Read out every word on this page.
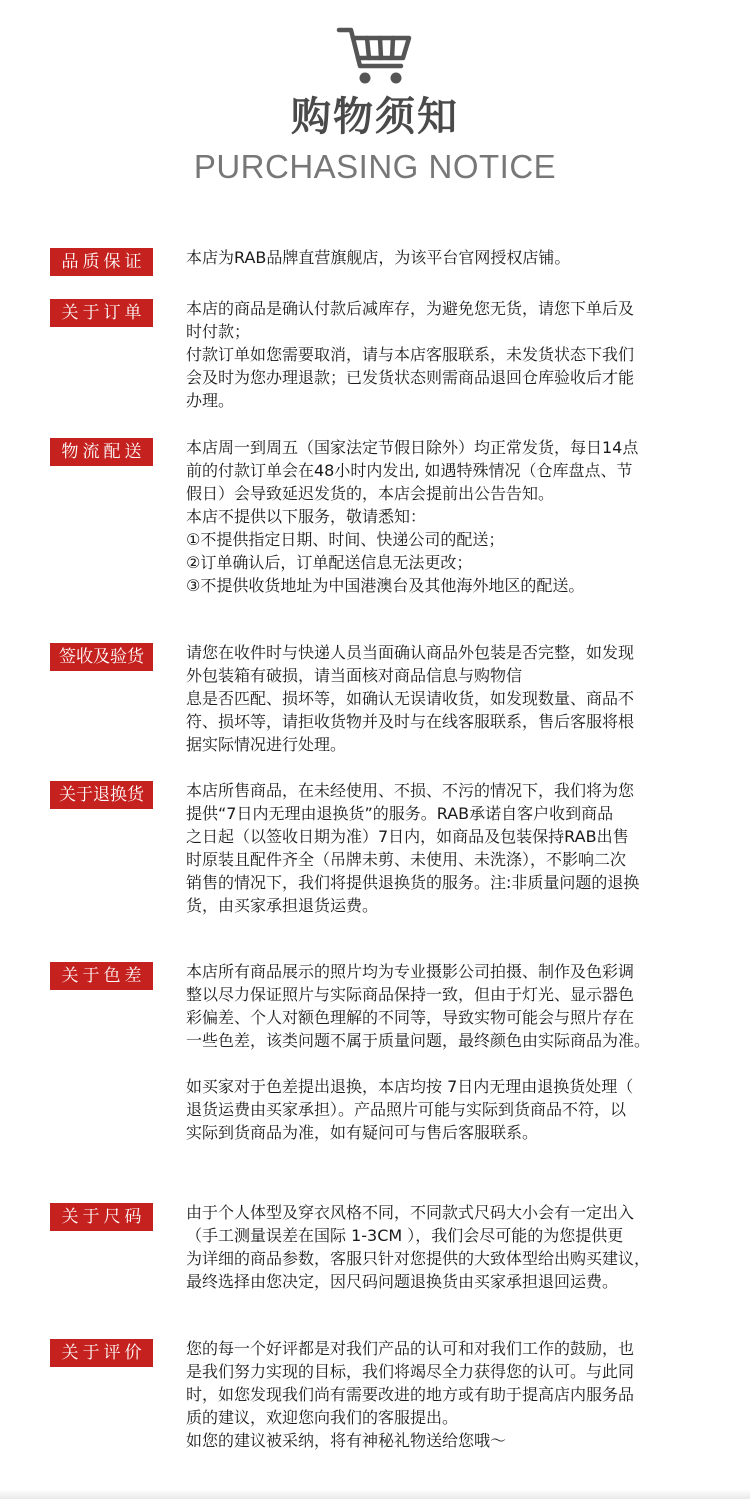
购物须知
PURCHASING NOTICE
品质保证	本店为RAB品牌直营旗舰店，为该平台官网授权店铺。
关于订单	本店的商品是确认付款后减库存，为避免您无货，请您下单后及
时付款；
付款订单如您需要取消，请与本店客服联系，未发货状态下我们
会及时为您办理退款；已发货状态则需商品退回仓库验收后才能
办理。
物流配送	本店周一到周五（国家法定节假日除外）均正常发货，每日14点
前的付款订单会在48小时内发出, 如遇特殊情况（仓库盘点、节
假日）会导致延迟发货的，本店会提前出公告告知。
本店不提供以下服务，敬请悉知：
①不提供指定日期、时间、快递公司的配送；
②订单确认后，订单配送信息无法更改；
③不提供收货地址为中国港澳台及其他海外地区的配送。
签收及验货	请您在收件时与快递人员当面确认商品外包装是否完整，如发现
外包装箱有破损，请当面核对商品信息与购物信
息是否匹配、损坏等，如确认无误请收货，如发现数量、商品不
符、损坏等，请拒收货物并及时与在线客服联系，售后客服将根
据实际情况进行处理。
关于退换货	本店所售商品，在未经使用、不损、不污的情况下，我们将为您
提供“7日内无理由退换货”的服务。RAB承诺自客户收到商品
之日起（以签收日期为准）7日内，如商品及包装保持RAB出售
时原装且配件齐全（吊牌未剪、未使用、未洗涤），不影响二次
销售的情况下，我们将提供退换货的服务。注:非质量问题的退换
货，由买家承担退货运费。
关于色差	本店所有商品展示的照片均为专业摄影公司拍摄、制作及色彩调
整以尽力保证照片与实际商品保持一致，但由于灯光、显示器色
彩偏差、个人对额色理解的不同等，导致实物可能会与照片存在
一些色差，该类问题不属于质量问题，最终颜色由实际商品为准。
如买家对于色差提出退换，本店均按 7日内无理由退换货处理（
退货运费由买家承担）。产品照片可能与实际到货商品不符，以
实际到货商品为准，如有疑问可与售后客服联系。
关于尺码	由于个人体型及穿衣风格不同，不同款式尺码大小会有一定出入
（手工测量误差在国际 1-3CM ），我们会尽可能的为您提供更
为详细的商品参数，客服只针对您提供的大致体型给出购买建议，
最终选择由您决定，因尺码问题退换货由买家承担退回运费。
关于评价	您的每一个好评都是对我们产品的认可和对我们工作的鼓励，也
是我们努力实现的目标，我们将竭尽全力获得您的认可。与此同
时，如您发现我们尚有需要改进的地方或有助于提高店内服务品
质的建议，欢迎您向我们的客服提出。
如您的建议被采纳，将有神秘礼物送给您哦～
